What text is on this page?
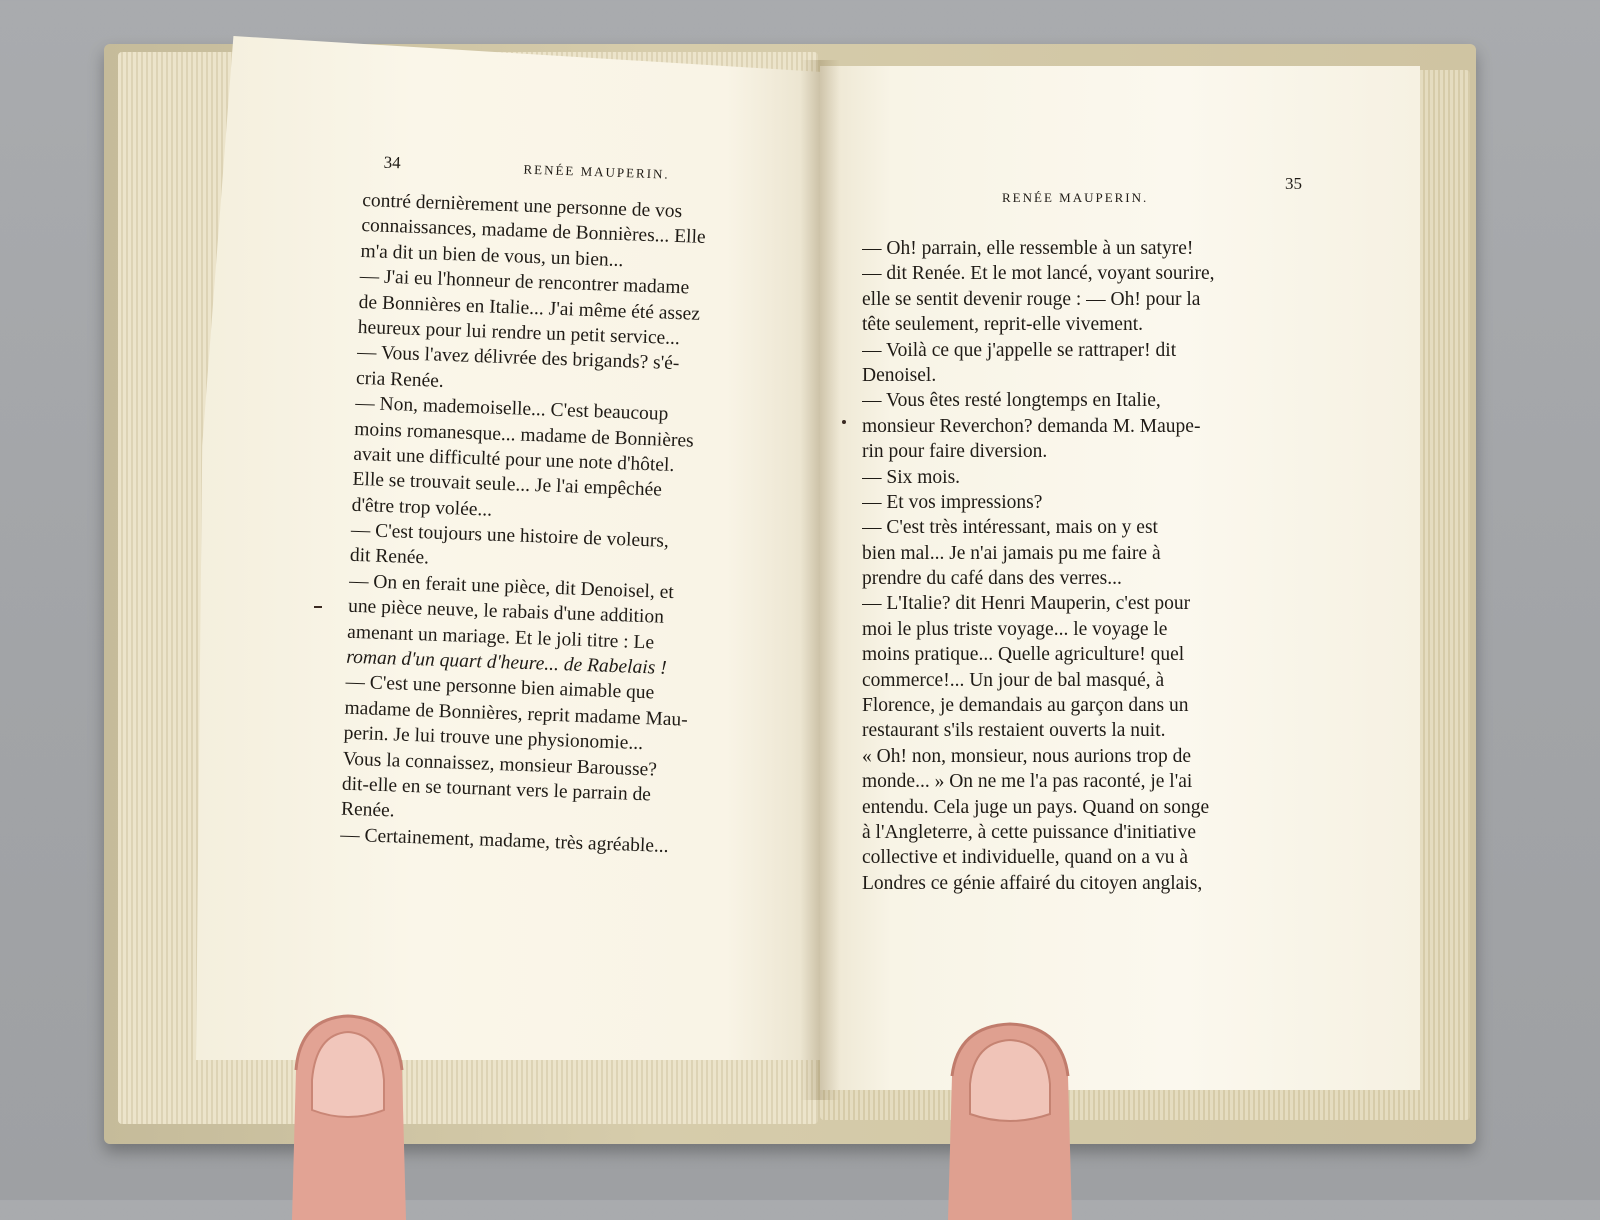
34	RENÉE MAUPERIN.
contré dernièrement une personne de vos
connaissances, madame de Bonnières... Elle
m'a dit un bien de vous, un bien...
— J'ai eu l'honneur de rencontrer madame
de Bonnières en Italie... J'ai même été assez
heureux pour lui rendre un petit service...
— Vous l'avez délivrée des brigands? s'é-
cria Renée.
— Non, mademoiselle... C'est beaucoup
moins romanesque... madame de Bonnières
avait une difficulté pour une note d'hôtel.
Elle se trouvait seule... Je l'ai empêchée
d'être trop volée...
— C'est toujours une histoire de voleurs,
dit Renée.
— On en ferait une pièce, dit Denoisel, et
une pièce neuve, le rabais d'une addition
amenant un mariage. Et le joli titre : Le
roman d'un quart d'heure... de Rabelais !
— C'est une personne bien aimable que
madame de Bonnières, reprit madame Mau-
perin. Je lui trouve une physionomie...
Vous la connaissez, monsieur Barousse?
dit-elle en se tournant vers le parrain de
Renée.
— Certainement, madame, très agréable...
RENÉE MAUPERIN.
35
— Oh! parrain, elle ressemble à un satyre!
— dit Renée. Et le mot lancé, voyant sourire,
elle se sentit devenir rouge : — Oh! pour la
tête seulement, reprit-elle vivement.
— Voilà ce que j'appelle se rattraper! dit
Denoisel.
— Vous êtes resté longtemps en Italie,
monsieur Reverchon? demanda M. Maupe-
rin pour faire diversion.
— Six mois.
— Et vos impressions?
— C'est très intéressant, mais on y est
bien mal... Je n'ai jamais pu me faire à
prendre du café dans des verres...
— L'Italie? dit Henri Mauperin, c'est pour
moi le plus triste voyage... le voyage le
moins pratique... Quelle agriculture! quel
commerce!... Un jour de bal masqué, à
Florence, je demandais au garçon dans un
restaurant s'ils restaient ouverts la nuit.
« Oh! non, monsieur, nous aurions trop de
monde... » On ne me l'a pas raconté, je l'ai
entendu. Cela juge un pays. Quand on songe
à l'Angleterre, à cette puissance d'initiative
collective et individuelle, quand on a vu à
Londres ce génie affairé du citoyen anglais,
